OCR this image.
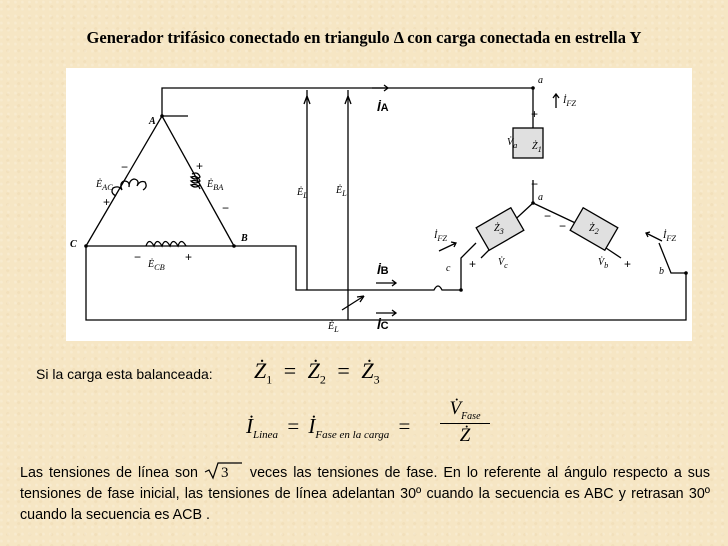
Generador trifásico conectado en triangulo Δ con carga conectada en estrella Y
A
B
C
a
a
b
c
$Ė_{AC}$	$Ė_{BA}$
$Ė_{CB}$
$Ė_L$	$Ė_L$
$Ė_L$
İA
İB
İC
$İ_{FZ}$
$İ_{FZ}$	$İ_{FZ}$
$Ż_1$
$Ż_3$	$Ż_2$
$V̇_a$
$V̇_c$	$V̇_b$
−
+
+
−
−	+
+
−
−
−
+	+
Si la carga esta balanceada: $Ż_1$ = $Ż_2$ = $Ż_3$
$İ_{Linea}$ = $İ_{Fase en la carga}$ =
$V̇_{Fase}$
Ż
Las tensiones de línea son 3 veces las tensiones de fase. En lo referente al ángulo respecto a sus tensiones de fase inicial, las tensiones de línea adelantan 30º cuando la secuencia es ABC y retrasan 30º cuando la secuencia es ACB .
